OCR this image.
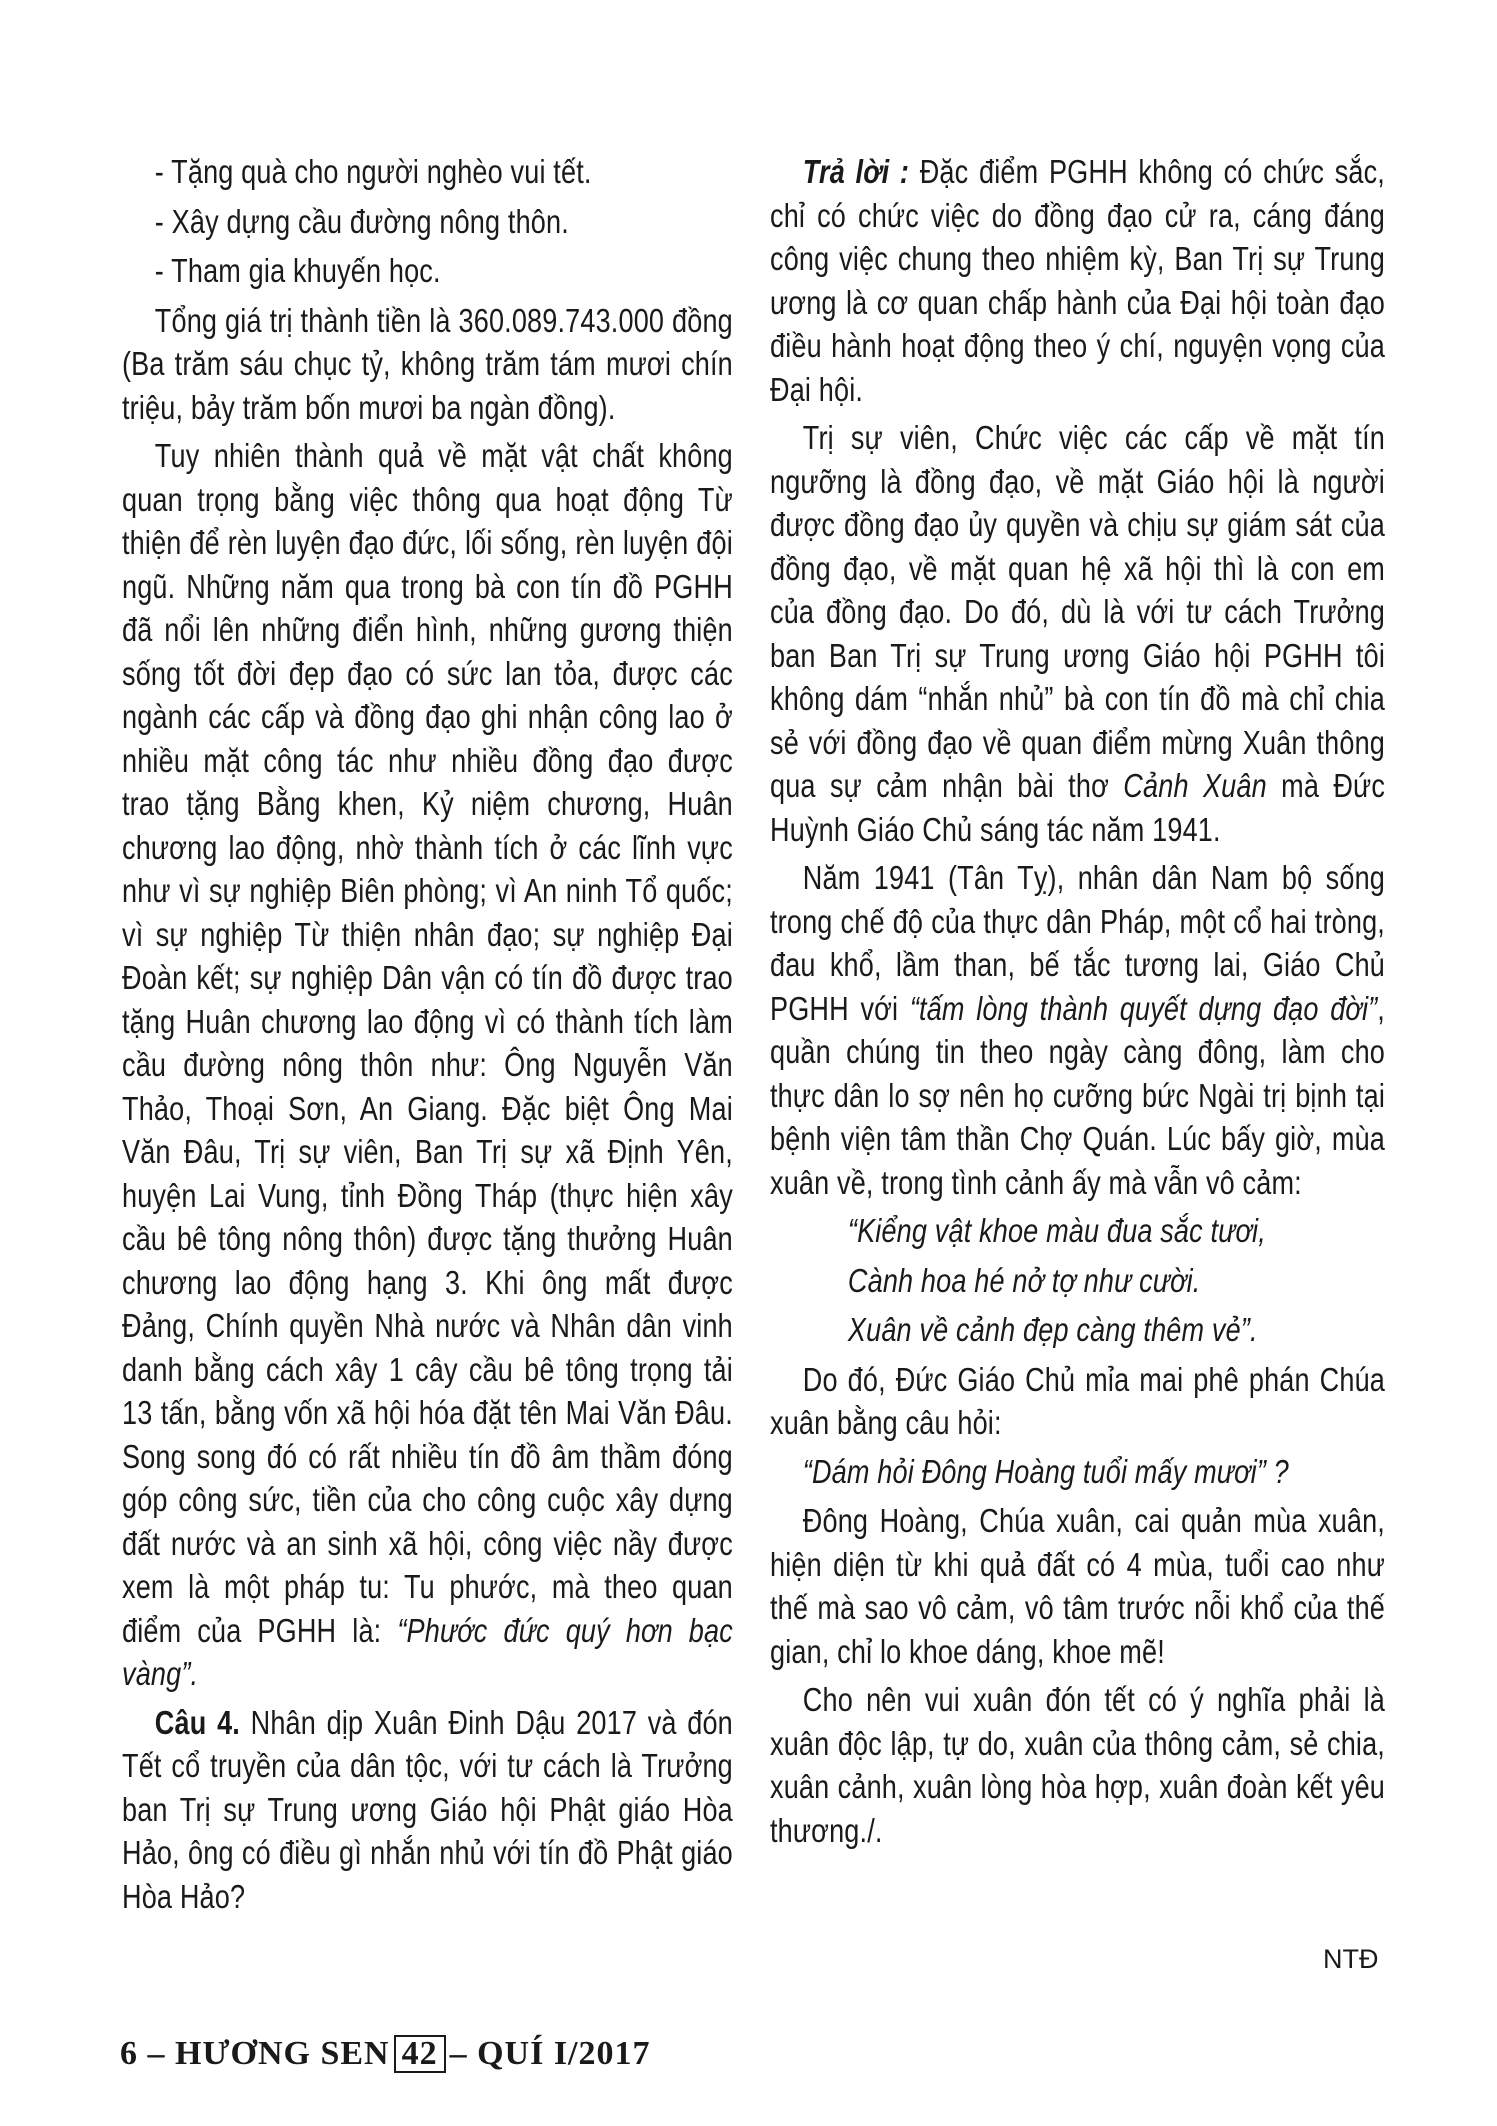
- Tặng quà cho người nghèo vui tết.

- Xây dựng cầu đường nông thôn.

- Tham gia khuyến học.

Tổng giá trị thành tiền là 360.089.743.000 đồng (Ba trăm sáu chục tỷ, không trăm tám mươi chín triệu, bảy trăm bốn mươi ba ngàn đồng).

Tuy nhiên thành quả về mặt vật chất không quan trọng bằng việc thông qua hoạt động Từ thiện để rèn luyện đạo đức, lối sống, rèn luyện đội ngũ. Những năm qua trong bà con tín đồ PGHH đã nổi lên những điển hình, những gương thiện sống tốt đời đẹp đạo có sức lan tỏa, được các ngành các cấp và đồng đạo ghi nhận công lao ở nhiều mặt công tác như nhiều đồng đạo được trao tặng Bằng khen, Kỷ niệm chương, Huân chương lao động, nhờ thành tích ở các lĩnh vực như vì sự nghiệp Biên phòng; vì An ninh Tổ quốc; vì sự nghiệp Từ thiện nhân đạo; sự nghiệp Đại Đoàn kết; sự nghiệp Dân vận có tín đồ được trao tặng Huân chương lao động vì có thành tích làm cầu đường nông thôn như: Ông Nguyễn Văn Thảo, Thoại Sơn, An Giang. Đặc biệt Ông Mai Văn Đâu, Trị sự viên, Ban Trị sự xã Định Yên, huyện Lai Vung, tỉnh Đồng Tháp (thực hiện xây cầu bê tông nông thôn) được tặng thưởng Huân chương lao động hạng 3. Khi ông mất được Đảng, Chính quyền Nhà nước và Nhân dân vinh danh bằng cách xây 1 cây cầu bê tông trọng tải 13 tấn, bằng vốn xã hội hóa đặt tên Mai Văn Đâu. Song song đó có rất nhiều tín đồ âm thầm đóng góp công sức, tiền của cho công cuộc xây dựng đất nước và an sinh xã hội, công việc nầy được xem là một pháp tu: Tu phước, mà theo quan điểm của PGHH là: “Phước đức quý hơn bạc vàng”.

Câu 4. Nhân dịp Xuân Đinh Dậu 2017 và đón Tết cổ truyền của dân tộc, với tư cách là Trưởng ban Trị sự Trung ương Giáo hội Phật giáo Hòa Hảo, ông có điều gì nhắn nhủ với tín đồ Phật giáo Hòa Hảo?

Trả lời : Đặc điểm PGHH không có chức sắc, chỉ có chức việc do đồng đạo cử ra, cáng đáng công việc chung theo nhiệm kỳ, Ban Trị sự Trung ương là cơ quan chấp hành của Đại hội toàn đạo điều hành hoạt động theo ý chí, nguyện vọng của Đại hội.

Trị sự viên, Chức việc các cấp về mặt tín ngưỡng là đồng đạo, về mặt Giáo hội là người được đồng đạo ủy quyền và chịu sự giám sát của đồng đạo, về mặt quan hệ xã hội thì là con em của đồng đạo. Do đó, dù là với tư cách Trưởng ban Ban Trị sự Trung ương Giáo hội PGHH tôi không dám “nhắn nhủ” bà con tín đồ mà chỉ chia sẻ với đồng đạo về quan điểm mừng Xuân thông qua sự cảm nhận bài thơ Cảnh Xuân mà Đức Huỳnh Giáo Chủ sáng tác năm 1941.

Năm 1941 (Tân Tỵ), nhân dân Nam bộ sống trong chế độ của thực dân Pháp, một cổ hai tròng, đau khổ, lầm than, bế tắc tương lai, Giáo Chủ PGHH với “tấm lòng thành quyết dựng đạo đời”, quần chúng tin theo ngày càng đông, làm cho thực dân lo sợ nên họ cưỡng bức Ngài trị bịnh tại bệnh viện tâm thần Chợ Quán. Lúc bấy giờ, mùa xuân về, trong tình cảnh ấy mà vẫn vô cảm:

“Kiểng vật khoe màu đua sắc tươi,

Cành hoa hé nở tợ như cười.

Xuân về cảnh đẹp càng thêm vẻ”.

Do đó, Đức Giáo Chủ mỉa mai phê phán Chúa xuân bằng câu hỏi:

“Dám hỏi Đông Hoàng tuổi mấy mươi” ?

Đông Hoàng, Chúa xuân, cai quản mùa xuân, hiện diện từ khi quả đất có 4 mùa, tuổi cao như thế mà sao vô cảm, vô tâm trước nỗi khổ của thế gian, chỉ lo khoe dáng, khoe mẽ!

Cho nên vui xuân đón tết có ý nghĩa phải là xuân độc lập, tự do, xuân của thông cảm, sẻ chia, xuân cảnh, xuân lòng hòa hợp, xuân đoàn kết yêu thương./.

NTĐ
6 – HƯƠNG SEN 42 – QUÍ I/2017
